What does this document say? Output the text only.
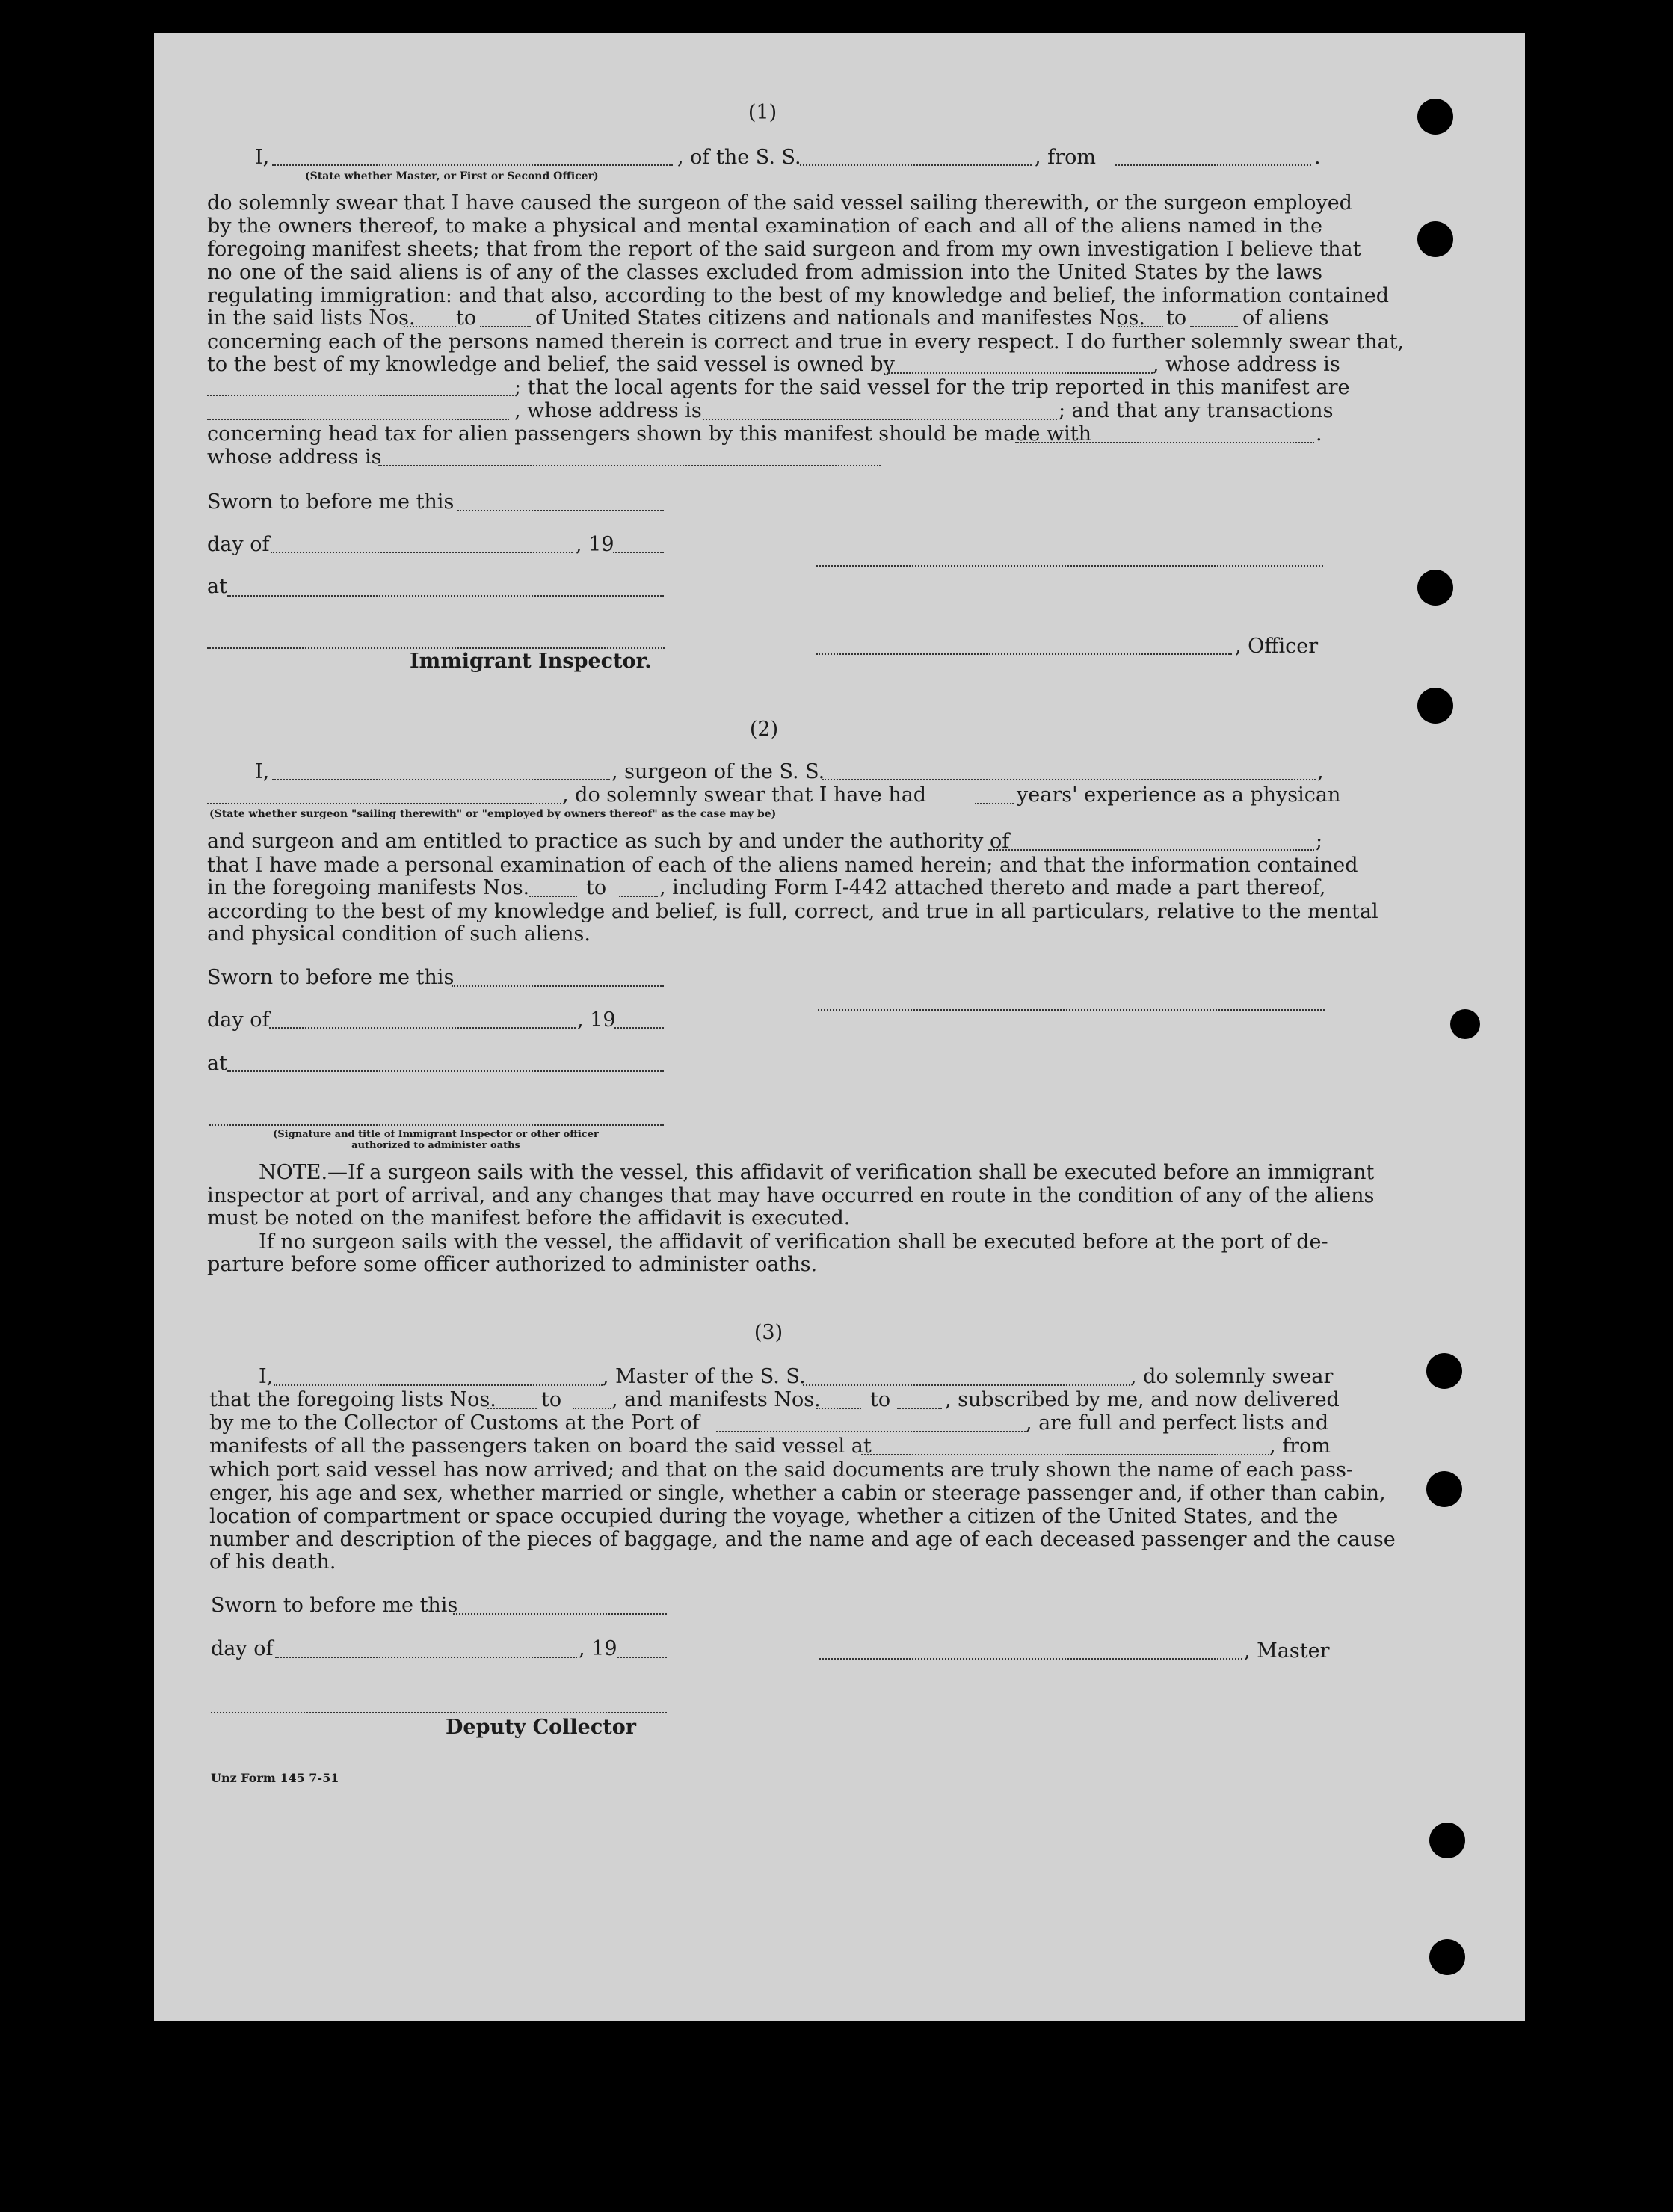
(1)
I,	, of the S. S.	, from	.
(State whether Master, or First or Second Officer)
do solemnly swear that I have caused the surgeon of the said vessel sailing therewith, or the surgeon employed
by the owners thereof, to make a physical and mental examination of each and all of the aliens named in the
foregoing manifest sheets; that from the report of the said surgeon and from my own investigation I believe that
no one of the said aliens is of any of the classes excluded from admission into the United States by the laws
regulating immigration: and that also, according to the best of my knowledge and belief, the information contained
in the said lists Nos. to	of United States citizens and nationals and manifestes Nos. to	of aliens
concerning each of the persons named therein is correct and true in every respect. I do further solemnly swear that,
to the best of my knowledge and belief, the said vessel is owned by	, whose address is
; that the local agents for the said vessel for the trip reported in this manifest are
, whose address is	; and that any transactions
concerning head tax for alien passengers shown by this manifest should be made with	.
whose address is
Sworn to before me this
day of	, 19
at
Immigrant Inspector.
, Officer
(2)
I,	, surgeon of the S. S.	,
, do solemnly swear that I have had	years' experience as a physican
(State whether surgeon "sailing therewith" or "employed by owners thereof" as the case may be)
and surgeon and am entitled to practice as such by and under the authority of	;
that I have made a personal examination of each of the aliens named herein; and that the information contained
in the foregoing manifests Nos.	to	, including Form I-442 attached thereto and made a part thereof,
according to the best of my knowledge and belief, is full, correct, and true in all particulars, relative to the mental
and physical condition of such aliens.
Sworn to before me this
day of	, 19
at
(Signature and title of Immigrant Inspector or other officer authorized to administer oaths
NOTE.—If a surgeon sails with the vessel, this affidavit of verification shall be executed before an immigrant
inspector at port of arrival, and any changes that may have occurred en route in the condition of any of the aliens
must be noted on the manifest before the affidavit is executed.
If no surgeon sails with the vessel, the affidavit of verification shall be executed before at the port of de-
parture before some officer authorized to administer oaths.
(3)
I,	, Master of the S. S.	, do solemnly swear
that the foregoing lists Nos. to , and manifests Nos. to	, subscribed by me, and now delivered
by me to the Collector of Customs at the Port of	, are full and perfect lists and
manifests of all the passengers taken on board the said vessel at	, from
which port said vessel has now arrived; and that on the said documents are truly shown the name of each pass-
enger, his age and sex, whether married or single, whether a cabin or steerage passenger and, if other than cabin,
location of compartment or space occupied during the voyage, whether a citizen of the United States, and the
number and description of the pieces of baggage, and the name and age of each deceased passenger and the cause
of his death.
Sworn to before me this
day of	, 19	, Master
Deputy Collector
Unz Form 145 7-51
